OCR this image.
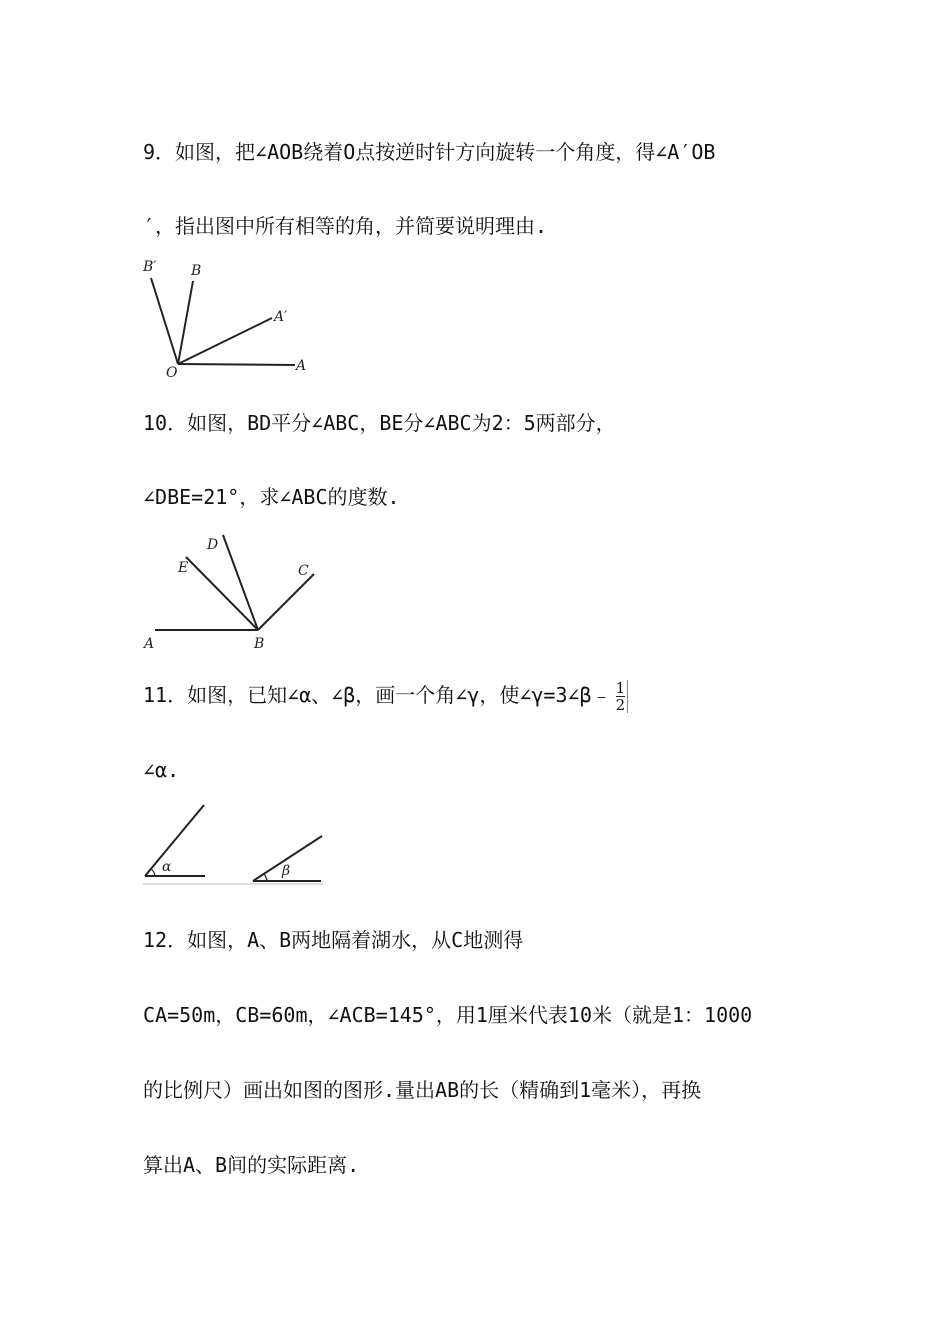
9．如图，把∠AOB绕着O点按逆时针方向旋转一个角度，得∠A′OB
′，指出图中所有相等的角，并简要说明理由.
B′ B
A′
O	A
10．如图，BD平分∠ABC，BE分∠ABC为2：5两部分，
∠DBE=21°，求∠ABC的度数.
D
E	C
A	B
11．如图，已知∠α、∠β，画一个角∠γ，使∠γ=3∠β﹣ $\frac{1}{2}$
∠α.
α	β
12．如图，A、B两地隔着湖水，从C地测得
CA=50m，CB=60m，∠ACB=145°，用1厘米代表10米（就是1：1000
的比例尺）画出如图的图形.量出AB的长（精确到1毫米），再换
算出A、B间的实际距离.
